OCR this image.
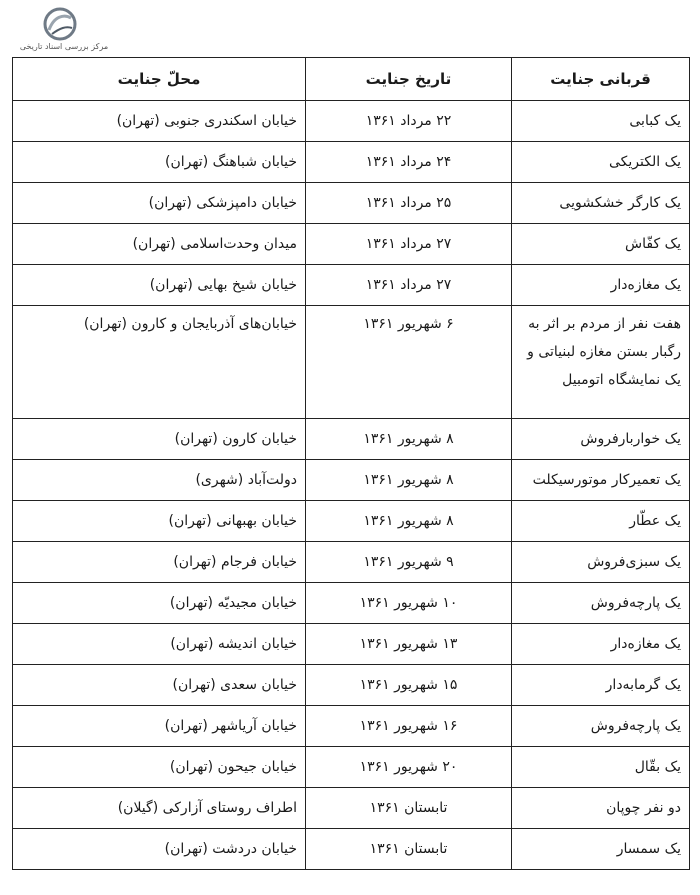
مرکز بررسی اسناد تاریخی
قربانی جنایت	تاریخ جنایت	محلّ جنایت
یک کبابی	۲۲ مرداد ۱۳۶۱	خیابان اسکندری جنوبی (تهران)
یک الکتریکی	۲۴ مرداد ۱۳۶۱	خیابان شباهنگ (تهران)
یک کارگر خشکشویی	۲۵ مرداد ۱۳۶۱	خیابان دامپزشکی (تهران)
یک کفّاش	۲۷ مرداد ۱۳۶۱	میدان وحدت‌اسلامی (تهران)
یک مغازه‌دار	۲۷ مرداد ۱۳۶۱	خیابان شیخ بهایی (تهران)
هفت نفر از مردم بر اثر به رگبار بستن مغازه لبنیاتی و یک نمایشگاه اتومبیل	۶ شهریور ۱۳۶۱	خیابان‌های آذربایجان و کارون (تهران)
یک خواربارفروش	۸ شهریور ۱۳۶۱	خیابان کارون (تهران)
یک تعمیرکار موتورسیکلت	۸ شهریور ۱۳۶۱	دولت‌آباد (شهری)
یک عطّار	۸ شهریور ۱۳۶۱	خیابان بهبهانی (تهران)
یک سبزی‌فروش	۹ شهریور ۱۳۶۱	خیابان فرجام (تهران)
یک پارچه‌فروش	۱۰ شهریور ۱۳۶۱	خیابان مجیدیّه (تهران)
یک مغازه‌دار	۱۳ شهریور ۱۳۶۱	خیابان اندیشه (تهران)
یک گرمابه‌دار	۱۵ شهریور ۱۳۶۱	خیابان سعدی (تهران)
یک پارچه‌فروش	۱۶ شهریور ۱۳۶۱	خیابان آریاشهر (تهران)
یک بقّال	۲۰ شهریور ۱۳۶۱	خیابان جیحون (تهران)
دو نفر چوپان	تابستان ۱۳۶۱	اطراف روستای آزارکی (گیلان)
یک سمسار	تابستان ۱۳۶۱	خیابان دردشت (تهران)
